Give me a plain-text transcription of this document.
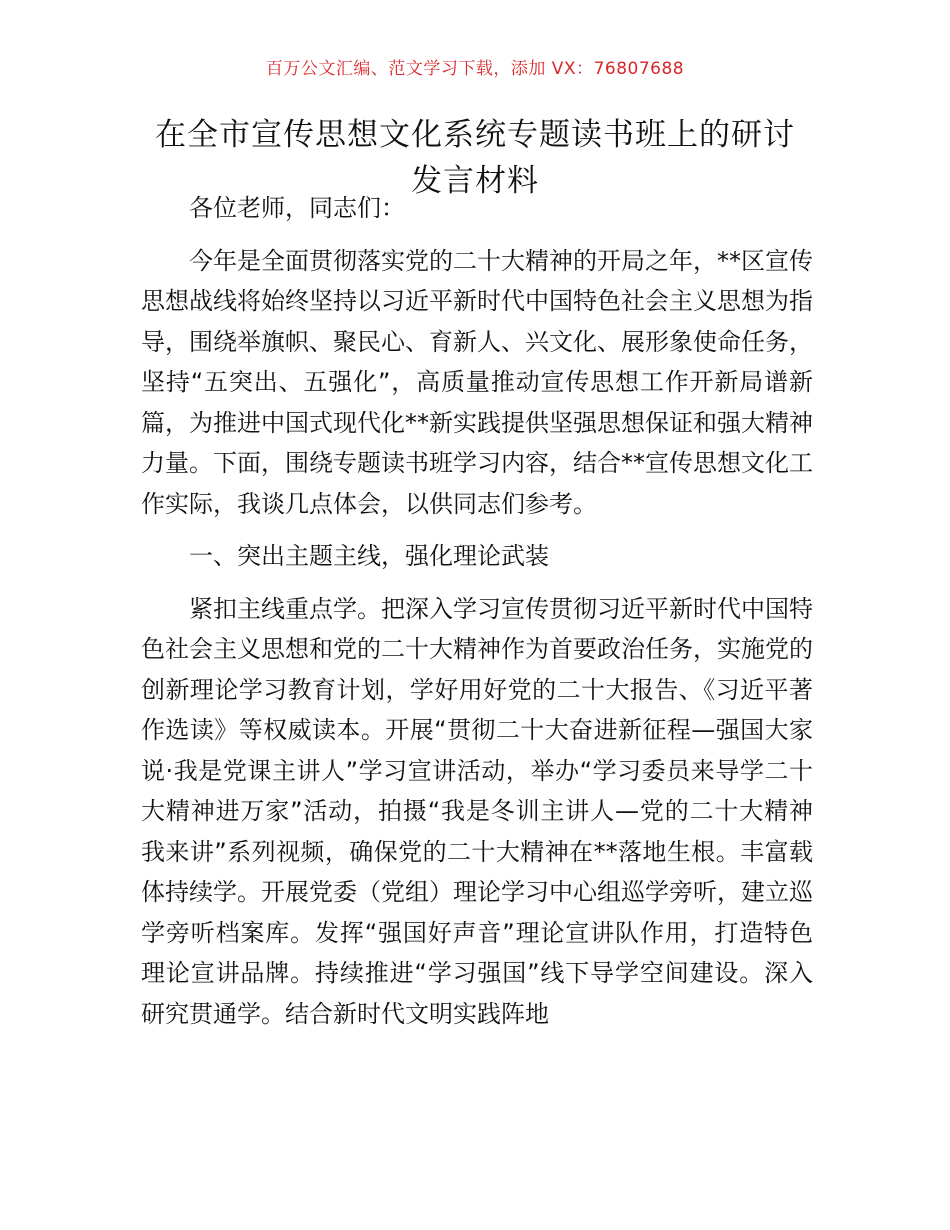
百万公文汇编、范文学习下载，添加 VX：76807688
在全市宣传思想文化系统专题读书班上的研讨
发言材料

各位老师，同志们：

今年是全面贯彻落实党的二十大精神的开局之年，**区宣传思想战线将始终坚持以习近平新时代中国特色社会主义思想为指导，围绕举旗帜、聚民心、育新人、兴文化、展形象使命任务，坚持“五突出、五强化”，高质量推动宣传思想工作开新局谱新篇，为推进中国式现代化**新实践提供坚强思想保证和强大精神力量。下面，围绕专题读书班学习内容，结合**宣传思想文化工作实际，我谈几点体会，以供同志们参考。

一、突出主题主线，强化理论武装

紧扣主线重点学。把深入学习宣传贯彻习近平新时代中国特色社会主义思想和党的二十大精神作为首要政治任务，实施党的创新理论学习教育计划，学好用好党的二十大报告、《习近平著作选读》等权威读本。开展“贯彻二十大奋进新征程—强国大家说·我是党课主讲人”学习宣讲活动，举办“学习委员来导学二十大精神进万家”活动，拍摄“我是冬训主讲人—党的二十大精神我来讲”系列视频，确保党的二十大精神在**落地生根。丰富载体持续学。开展党委（党组）理论学习中心组巡学旁听，建立巡学旁听档案库。发挥“强国好声音”理论宣讲队作用，打造特色理论宣讲品牌。持续推进“学习强国”线下导学空间建设。深入研究贯通学。结合新时代文明实践阵地
